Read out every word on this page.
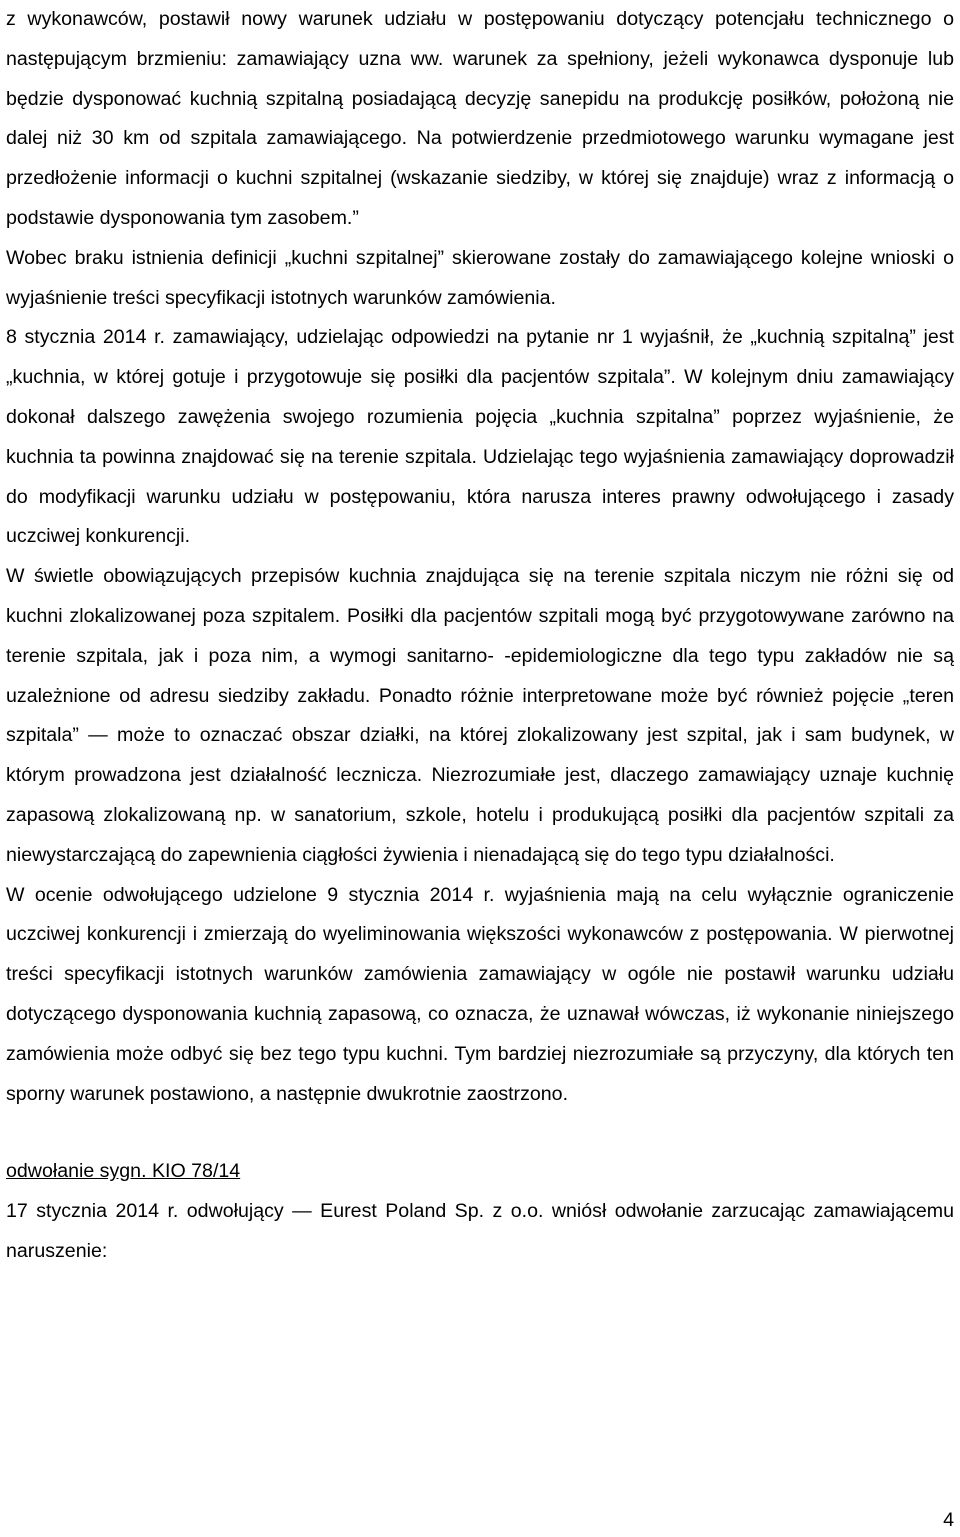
z wykonawców, postawił nowy warunek udziału w postępowaniu dotyczący potencjału technicznego o następującym brzmieniu: zamawiający uzna ww. warunek za spełniony, jeżeli wykonawca dysponuje lub będzie dysponować kuchnią szpitalną posiadającą decyzję sanepidu na produkcję posiłków, położoną nie dalej niż 30 km od szpitala zamawiającego. Na potwierdzenie przedmiotowego warunku wymagane jest przedłożenie informacji o kuchni szpitalnej (wskazanie siedziby, w której się znajduje) wraz z informacją o podstawie dysponowania tym zasobem.”

Wobec braku istnienia definicji „kuchni szpitalnej” skierowane zostały do zamawiającego kolejne wnioski o wyjaśnienie treści specyfikacji istotnych warunków zamówienia.

8 stycznia 2014 r. zamawiający, udzielając odpowiedzi na pytanie nr 1 wyjaśnił, że „kuchnią szpitalną” jest „kuchnia, w której gotuje i przygotowuje się posiłki dla pacjentów szpitala”. W kolejnym dniu zamawiający dokonał dalszego zawężenia swojego rozumienia pojęcia „kuchnia szpitalna” poprzez wyjaśnienie, że kuchnia ta powinna znajdować się na terenie szpitala. Udzielając tego wyjaśnienia zamawiający doprowadził do modyfikacji warunku udziału w postępowaniu, która narusza interes prawny odwołującego i zasady uczciwej konkurencji.

W świetle obowiązujących przepisów kuchnia znajdująca się na terenie szpitala niczym nie różni się od kuchni zlokalizowanej poza szpitalem. Posiłki dla pacjentów szpitali mogą być przygotowywane zarówno na terenie szpitala, jak i poza nim, a wymogi sanitarno- -epidemiologiczne dla tego typu zakładów nie są uzależnione od adresu siedziby zakładu. Ponadto różnie interpretowane może być również pojęcie „teren szpitala” — może to oznaczać obszar działki, na której zlokalizowany jest szpital, jak i sam budynek, w którym prowadzona jest działalność lecznicza. Niezrozumiałe jest, dlaczego zamawiający uznaje kuchnię zapasową zlokalizowaną np. w sanatorium, szkole, hotelu i produkującą posiłki dla pacjentów szpitali za niewystarczającą do zapewnienia ciągłości żywienia i nienadającą się do tego typu działalności.

W ocenie odwołującego udzielone 9 stycznia 2014 r. wyjaśnienia mają na celu wyłącznie ograniczenie uczciwej konkurencji i zmierzają do wyeliminowania większości wykonawców z postępowania. W pierwotnej treści specyfikacji istotnych warunków zamówienia zamawiający w ogóle nie postawił warunku udziału dotyczącego dysponowania kuchnią zapasową, co oznacza, że uznawał wówczas, iż wykonanie niniejszego zamówienia może odbyć się bez tego typu kuchni. Tym bardziej niezrozumiałe są przyczyny, dla których ten sporny warunek postawiono, a następnie dwukrotnie zaostrzono.

odwołanie sygn. KIO 78/14

17 stycznia 2014 r. odwołujący — Eurest Poland Sp. z o.o. wniósł odwołanie zarzucając zamawiającemu naruszenie:

4
